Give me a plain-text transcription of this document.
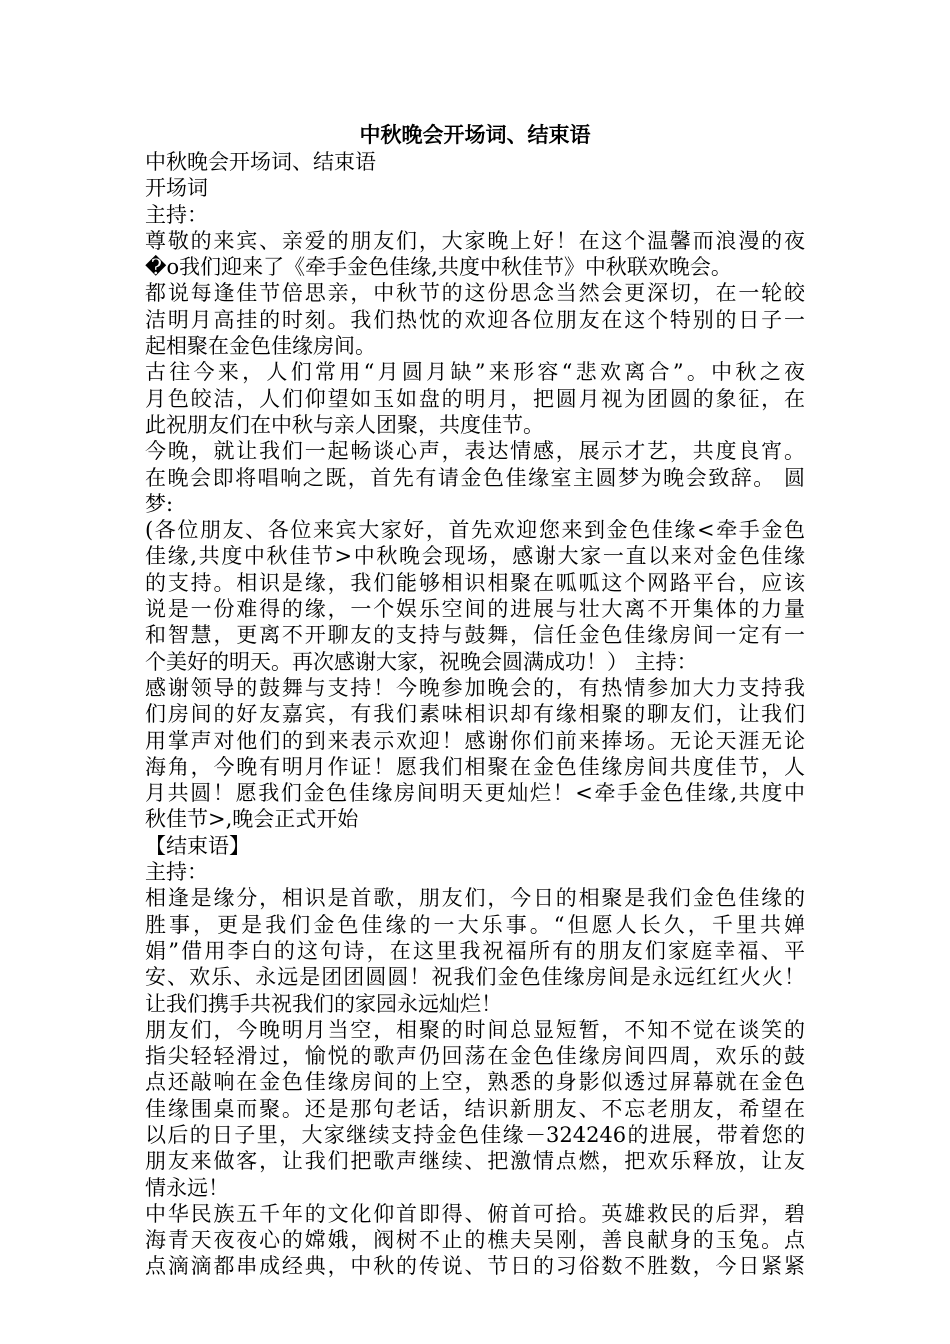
中秋晚会开场词、结束语
中秋晚会开场词、结束语
开场词
主持：
尊敬的来宾、亲爱的朋友们，大家晚上好！在这个温馨而浪漫的夜
�o我们迎来了《牵手金色佳缘,共度中秋佳节》中秋联欢晚会。
都说每逢佳节倍思亲，中秋节的这份思念当然会更深切，在一轮皎
洁明月高挂的时刻。我们热忱的欢迎各位朋友在这个特别的日子一
起相聚在金色佳缘房间。
古往今来，人们常用“月圆月缺”来形容“悲欢离合”。中秋之夜
月色皎洁，人们仰望如玉如盘的明月，把圆月视为团圆的象征，在
此祝朋友们在中秋与亲人团聚，共度佳节。
今晚，就让我们一起畅谈心声，表达情感，展示才艺，共度良宵。
在晚会即将唱响之既，首先有请金色佳缘室主圆梦为晚会致辞。 圆
梦:
(各位朋友、各位来宾大家好，首先欢迎您来到金色佳缘<牵手金色
佳缘,共度中秋佳节>中秋晚会现场，感谢大家一直以来对金色佳缘
的支持。相识是缘，我们能够相识相聚在呱呱这个网路平台，应该
说是一份难得的缘，一个娱乐空间的进展与壮大离不开集体的力量
和智慧，更离不开聊友的支持与鼓舞，信任金色佳缘房间一定有一
个美好的明天。再次感谢大家，祝晚会圆满成功！） 主持：
感谢领导的鼓舞与支持！今晚参加晚会的，有热情参加大力支持我
们房间的好友嘉宾，有我们素味相识却有缘相聚的聊友们，让我们
用掌声对他们的到来表示欢迎！感谢你们前来捧场。无论天涯无论
海角，今晚有明月作证！愿我们相聚在金色佳缘房间共度佳节，人
月共圆！愿我们金色佳缘房间明天更灿烂！<牵手金色佳缘,共度中
秋佳节>,晚会正式开始
【结束语】
主持：
相逢是缘分，相识是首歌，朋友们，今日的相聚是我们金色佳缘的
胜事，更是我们金色佳缘的一大乐事。“但愿人长久，千里共婵
娟”借用李白的这句诗，在这里我祝福所有的朋友们家庭幸福、平
安、欢乐、永远是团团圆圆！祝我们金色佳缘房间是永远红红火火！
让我们携手共祝我们的家园永远灿烂！
朋友们，今晚明月当空，相聚的时间总显短暂，不知不觉在谈笑的
指尖轻轻滑过，愉悦的歌声仍回荡在金色佳缘房间四周，欢乐的鼓
点还敲响在金色佳缘房间的上空，熟悉的身影似透过屏幕就在金色
佳缘围桌而聚。还是那句老话，结识新朋友、不忘老朋友，希望在
以后的日子里，大家继续支持金色佳缘－324246的进展，带着您的
朋友来做客，让我们把歌声继续、把激情点燃，把欢乐释放，让友
情永远！
中华民族五千年的文化仰首即得、俯首可拾。英雄救民的后羿，碧
海青天夜夜心的嫦娥，阀树不止的樵夫吴刚，善良献身的玉兔。点
点滴滴都串成经典，中秋的传说、节日的习俗数不胜数，今日紧紧
